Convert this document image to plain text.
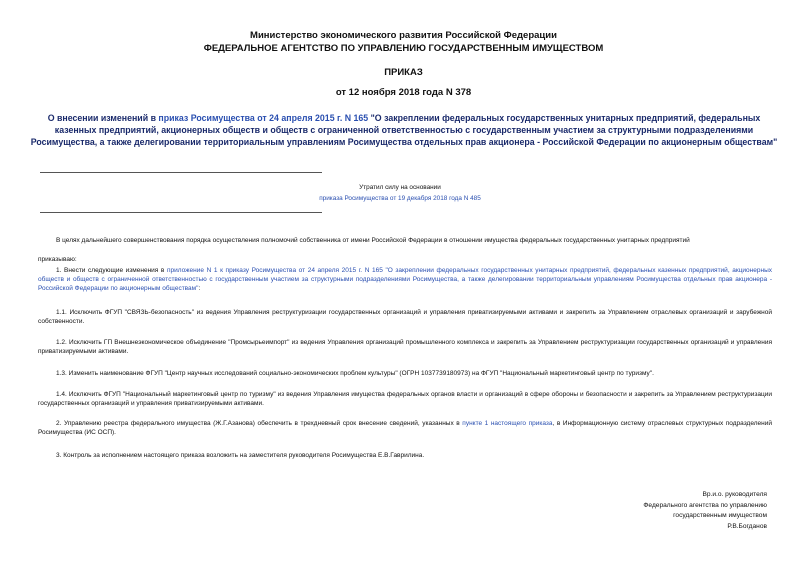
Министерство экономического развития Российской Федерации
ФЕДЕРАЛЬНОЕ АГЕНТСТВО ПО УПРАВЛЕНИЮ ГОСУДАРСТВЕННЫМ ИМУЩЕСТВОМ
ПРИКАЗ
от 12 ноября 2018 года N 378
О внесении изменений в приказ Росимущества от 24 апреля 2015 г. N 165 "О закреплении федеральных государственных унитарных предприятий, федеральных казенных предприятий, акционерных обществ и обществ с ограниченной ответственностью с государственным участием за структурными подразделениями Росимущества, а также делегировании территориальным управлениям Росимущества отдельных прав акционера - Российской Федерации по акционерным обществам"
Утратил силу на основании
приказа Росимущества от 19 декабря 2018 года N 485
В целях дальнейшего совершенствования порядка осуществления полномочий собственника от имени Российской Федерации в отношении имущества федеральных государственных унитарных предприятий
приказываю:
1. Внести следующие изменения в приложение N 1 к приказу Росимущества от 24 апреля 2015 г. N 165 "О закреплении федеральных государственных унитарных предприятий, федеральных казенных предприятий, акционерных обществ и обществ с ограниченной ответственностью с государственным участием за структурными подразделениями Росимущества, а также делегировании территориальным управлениям Росимущества отдельных прав акционера - Российской Федерации по акционерным обществам":
1.1. Исключить ФГУП "СВЯЗЬ-безопасность" из ведения Управления реструктуризации государственных организаций и управления приватизируемыми активами и закрепить за Управлением отраслевых организаций и зарубежной собственности.
1.2. Исключить ГП Внешнеэкономическое объединение "Промсырьеимпорт" из ведения Управления организаций промышленного комплекса и закрепить за Управлением реструктуризации государственных организаций и управления приватизируемыми активами.
1.3. Изменить наименование ФГУП "Центр научных исследований социально-экономических проблем культуры" (ОГРН 1037739180973) на ФГУП "Национальный маркетинговый центр по туризму".
1.4. Исключить ФГУП "Национальный маркетинговый центр по туризму" из ведения Управления имущества федеральных органов власти и организаций в сфере обороны и безопасности и закрепить за Управлением реструктуризации государственных организаций и управления приватизируемыми активами.
2. Управлению реестра федерального имущества (Ж.Г.Азанова) обеспечить в трехдневный срок внесение сведений, указанных в пункте 1 настоящего приказа, в Информационную систему отраслевых структурных подразделений Росимущества (ИС ОСП).
3. Контроль за исполнением настоящего приказа возложить на заместителя руководителя Росимущества Е.В.Гаврилина.
Вр.и.о. руководителя
Федерального агентства по управлению
государственным имуществом
Р.В.Богданов
